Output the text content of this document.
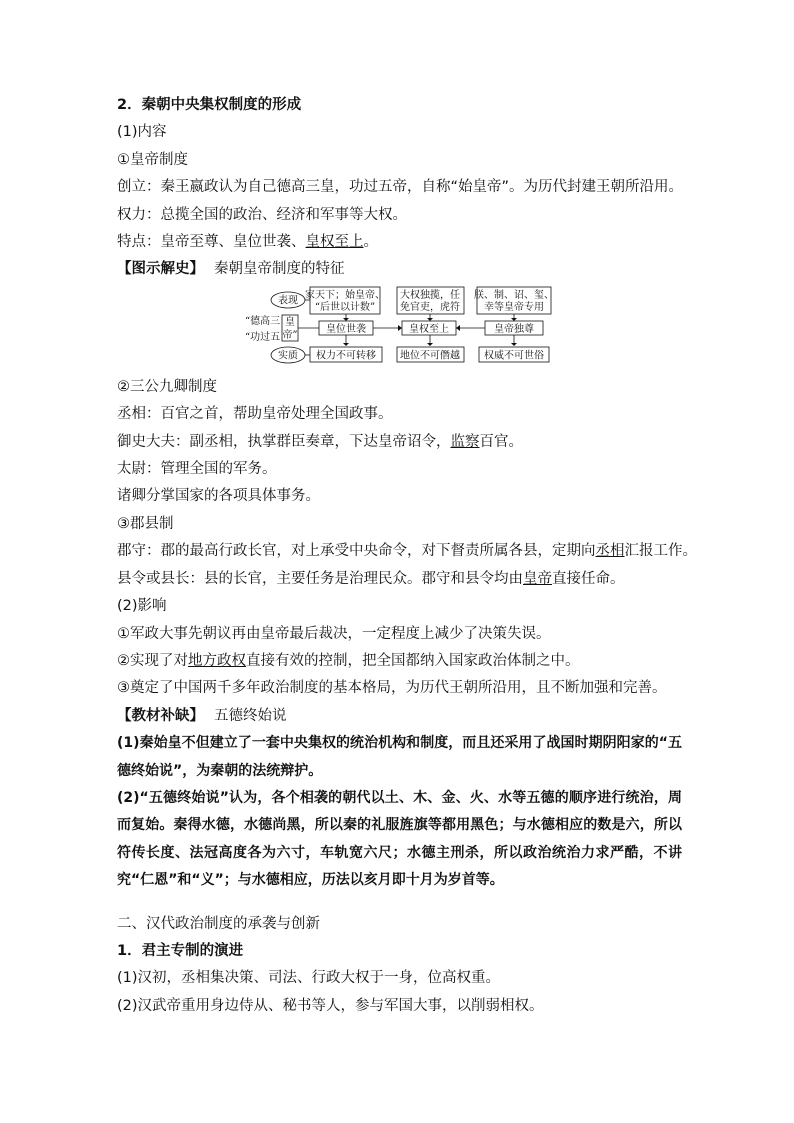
2．秦朝中央集权制度的形成
(1)内容
①皇帝制度
创立：秦王嬴政认为自己德高三皇，功过五帝，自称“始皇帝”。为历代封建王朝所沿用。
权力：总揽全国的政治、经济和军事等大权。
特点：皇帝至尊、皇位世袭、皇权至上。
【图示解史】 秦朝皇帝制度的特征
表现
实质
“德高三
“功过五
皇
帝”
家天下；始皇帝、
“后世以计数”
大权独揽，任
免官吏，虎符
朕、制、诏、玺、
幸等皇帝专用
皇位世袭	皇权至上	皇帝独尊
权力不可转移 地位不可僭越 权威不可世俗
②三公九卿制度
丞相：百官之首，帮助皇帝处理全国政事。
御史大夫：副丞相，执掌群臣奏章，下达皇帝诏令，监察百官。
太尉：管理全国的军务。
诸卿分掌国家的各项具体事务。
③郡县制
郡守：郡的最高行政长官，对上承受中央命令，对下督责所属各县，定期向丞相汇报工作。
县令或县长：县的长官，主要任务是治理民众。郡守和县令均由皇帝直接任命。
(2)影响
①军政大事先朝议再由皇帝最后裁决，一定程度上减少了决策失误。
②实现了对地方政权直接有效的控制，把全国都纳入国家政治体制之中。
③奠定了中国两千多年政治制度的基本格局，为历代王朝所沿用，且不断加强和完善。
【教材补缺】 五德终始说
(1)秦始皇不但建立了一套中央集权的统治机构和制度，而且还采用了战国时期阴阳家的“五德终始说”，为秦朝的法统辩护。
(2)“五德终始说”认为，各个相袭的朝代以土、木、金、火、水等五德的顺序进行统治，周而复始。秦得水德，水德尚黑，所以秦的礼服旌旗等都用黑色；与水德相应的数是六，所以符传长度、法冠高度各为六寸，车轨宽六尺；水德主刑杀，所以政治统治力求严酷，不讲究“仁恩”和“义”；与水德相应，历法以亥月即十月为岁首等。
二、汉代政治制度的承袭与创新
1．君主专制的演进
(1)汉初，丞相集决策、司法、行政大权于一身，位高权重。
(2)汉武帝重用身边侍从、秘书等人，参与军国大事，以削弱相权。
